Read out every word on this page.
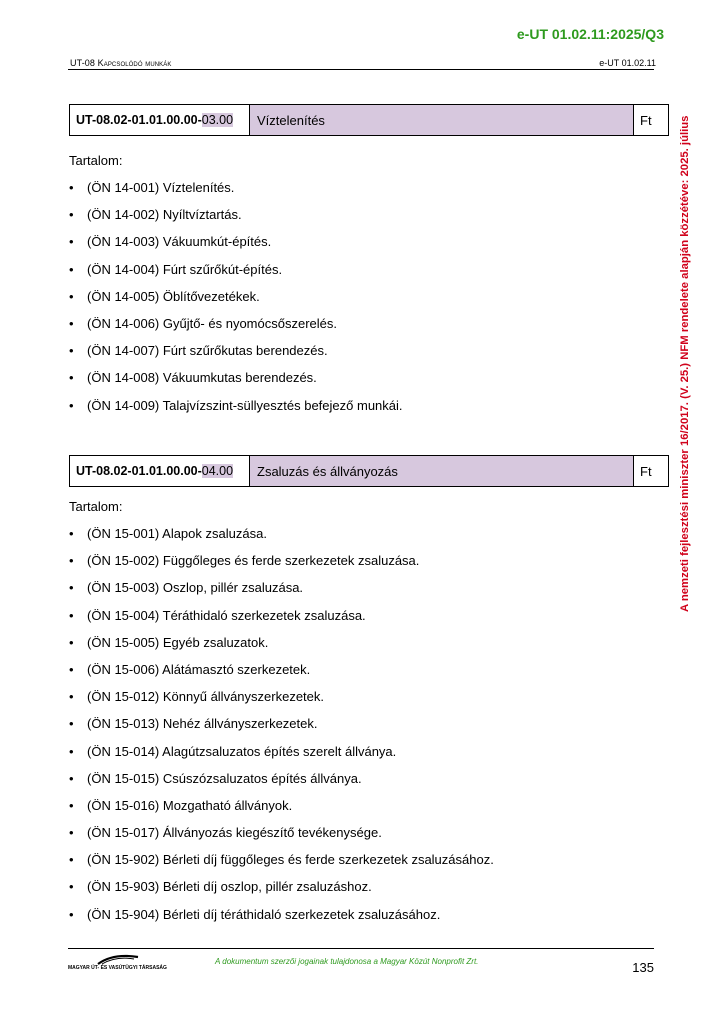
e-UT 01.02.11:2025/Q3
UT-08 Kapcsolódó munkák	e-UT 01.02.11
UT-08.02-01.01.00.00- 03.00	Víztelenítés	Ft
Tartalom:
•	(ÖN 14-001) Víztelenítés.
•	(ÖN 14-002) Nyíltvíztartás.
•	(ÖN 14-003) Vákuumkút-építés.
•	(ÖN 14-004) Fúrt szűrőkút-építés.
•	(ÖN 14-005) Öblítővezetékek.
•	(ÖN 14-006) Gyűjtő- és nyomócsőszerelés.
•	(ÖN 14-007) Fúrt szűrőkutas berendezés.
•	(ÖN 14-008) Vákuumkutas berendezés.
•	(ÖN 14-009) Talajvízszint-süllyesztés befejező munkái.
UT-08.02-01.01.00.00- 04.00	Zsaluzás és állványozás	Ft
Tartalom:
•	(ÖN 15-001) Alapok zsaluzása.
•	(ÖN 15-002) Függőleges és ferde szerkezetek zsaluzása.
•	(ÖN 15-003) Oszlop, pillér zsaluzása.
•	(ÖN 15-004) Téráthidaló szerkezetek zsaluzása.
•	(ÖN 15-005) Egyéb zsaluzatok.
•	(ÖN 15-006) Alátámasztó szerkezetek.
•	(ÖN 15-012) Könnyű állványszerkezetek.
•	(ÖN 15-013) Nehéz állványszerkezetek.
•	(ÖN 15-014) Alagútzsaluzatos építés szerelt állványa.
•	(ÖN 15-015) Csúszózsaluzatos építés állványa.
•	(ÖN 15-016) Mozgatható állványok.
•	(ÖN 15-017) Állványozás kiegészítő tevékenysége.
•	(ÖN 15-902) Bérleti díj függőleges és ferde szerkezetek zsaluzásához.
•	(ÖN 15-903) Bérleti díj oszlop, pillér zsaluzáshoz.
•	(ÖN 15-904) Bérleti díj téráthidaló szerkezetek zsaluzásához.
A nemzeti fejlesztési miniszter 16/2017. (V. 25.) NFM rendelete alapján közzétéve: 2025. július
MAGYAR ÚT- ÉS VASÚTÜGYI TÁRSASÁG
A dokumentum szerzői jogainak tulajdonosa a Magyar Közút Nonprofit Zrt.	135
